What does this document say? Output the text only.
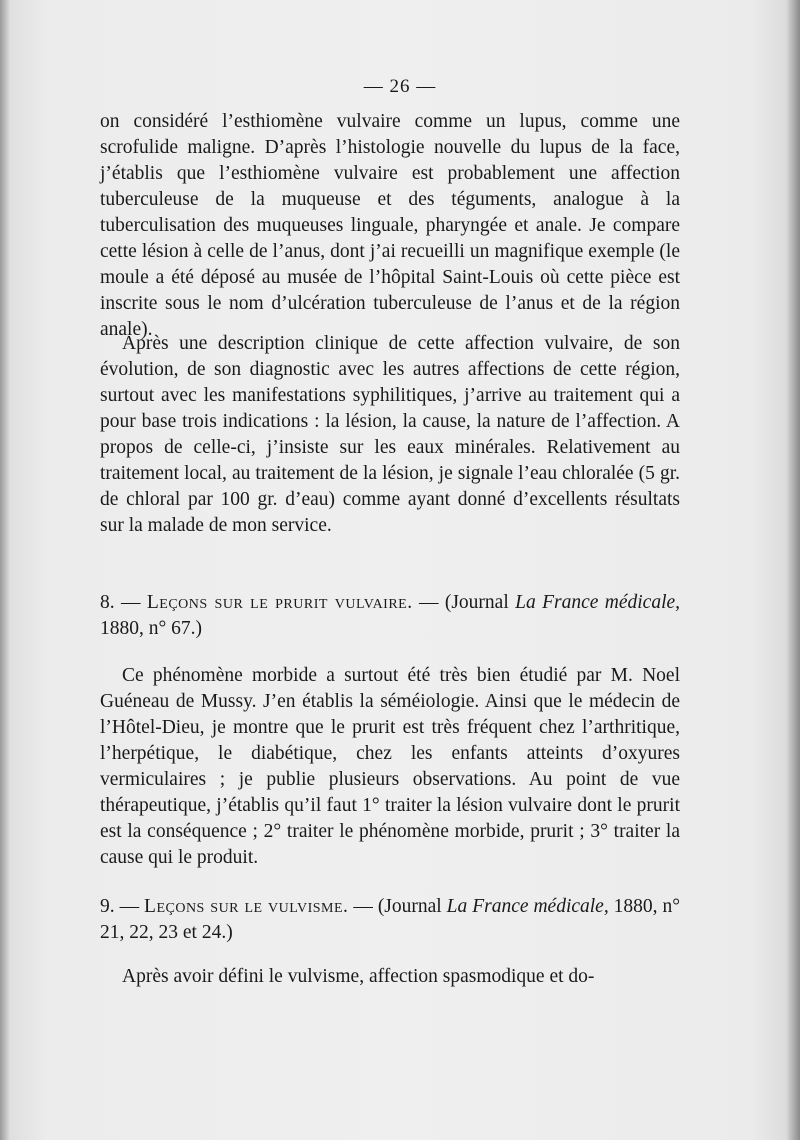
— 26 —

on considéré l’esthiomène vulvaire comme un lupus, comme une scrofulide maligne. D’après l’histologie nouvelle du lupus de la face, j’établis que l’esthiomène vulvaire est probablement une affection tuberculeuse de la muqueuse et des téguments, analogue à la tuberculisation des muqueuses linguale, pharyngée et anale. Je compare cette lésion à celle de l’anus, dont j’ai recueilli un magnifique exemple (le moule a été déposé au musée de l’hôpital Saint-Louis où cette pièce est inscrite sous le nom d’ulcération tuberculeuse de l’anus et de la région anale).

Après une description clinique de cette affection vulvaire, de son évolution, de son diagnostic avec les autres affections de cette région, surtout avec les manifestations syphilitiques, j’arrive au traitement qui a pour base trois indications : la lésion, la cause, la nature de l’affection. A propos de celle-ci, j’insiste sur les eaux minérales. Relativement au traitement local, au traitement de la lésion, je signale l’eau chloralée (5 gr. de chloral par 100 gr. d’eau) comme ayant donné d’excellents résultats sur la malade de mon service.

8. — Leçons sur le prurit vulvaire. — (Journal La France médicale, 1880, n° 67.)

Ce phénomène morbide a surtout été très bien étudié par M. Noel Guéneau de Mussy. J’en établis la séméiologie. Ainsi que le médecin de l’Hôtel-Dieu, je montre que le prurit est très fréquent chez l’arthritique, l’herpétique, le diabétique, chez les enfants atteints d’oxyures vermiculaires ; je publie plusieurs observations. Au point de vue thérapeutique, j’établis qu’il faut 1° traiter la lésion vulvaire dont le prurit est la conséquence ; 2° traiter le phénomène morbide, prurit ; 3° traiter la cause qui le produit.

9. — Leçons sur le vulvisme. — (Journal La France médicale, 1880, n° 21, 22, 23 et 24.)

Après avoir défini le vulvisme, affection spasmodique et do-
